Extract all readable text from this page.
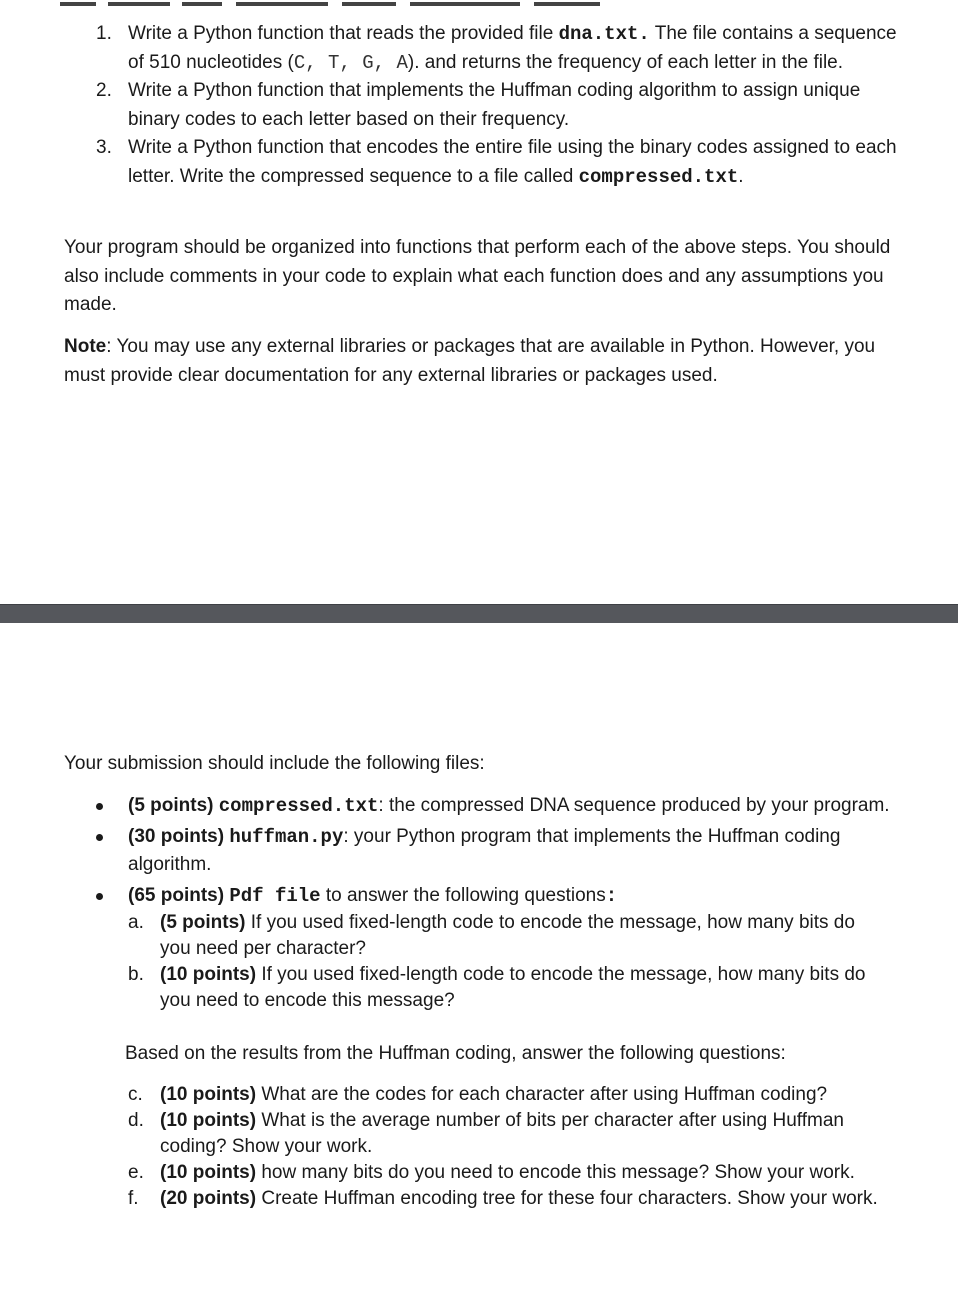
1. Write a Python function that reads the provided file dna.txt. The file contains a sequence of 510 nucleotides (C, T, G, A). and returns the frequency of each letter in the file.
2. Write a Python function that implements the Huffman coding algorithm to assign unique binary codes to each letter based on their frequency.
3. Write a Python function that encodes the entire file using the binary codes assigned to each letter. Write the compressed sequence to a file called compressed.txt.
Your program should be organized into functions that perform each of the above steps. You should also include comments in your code to explain what each function does and any assumptions you made.
Note: You may use any external libraries or packages that are available in Python. However, you must provide clear documentation for any external libraries or packages used.
Your submission should include the following files:
(5 points) compressed.txt: the compressed DNA sequence produced by your program.
(30 points) huffman.py: your Python program that implements the Huffman coding algorithm.
(65 points) Pdf file to answer the following questions:
a. (5 points) If you used fixed-length code to encode the message, how many bits do you need per character?
b. (10 points) If you used fixed-length code to encode the message, how many bits do you need to encode this message?
Based on the results from the Huffman coding, answer the following questions:
c. (10 points) What are the codes for each character after using Huffman coding?
d. (10 points) What is the average number of bits per character after using Huffman coding? Show your work.
e. (10 points) how many bits do you need to encode this message? Show your work.
f. (20 points) Create Huffman encoding tree for these four characters. Show your work.
